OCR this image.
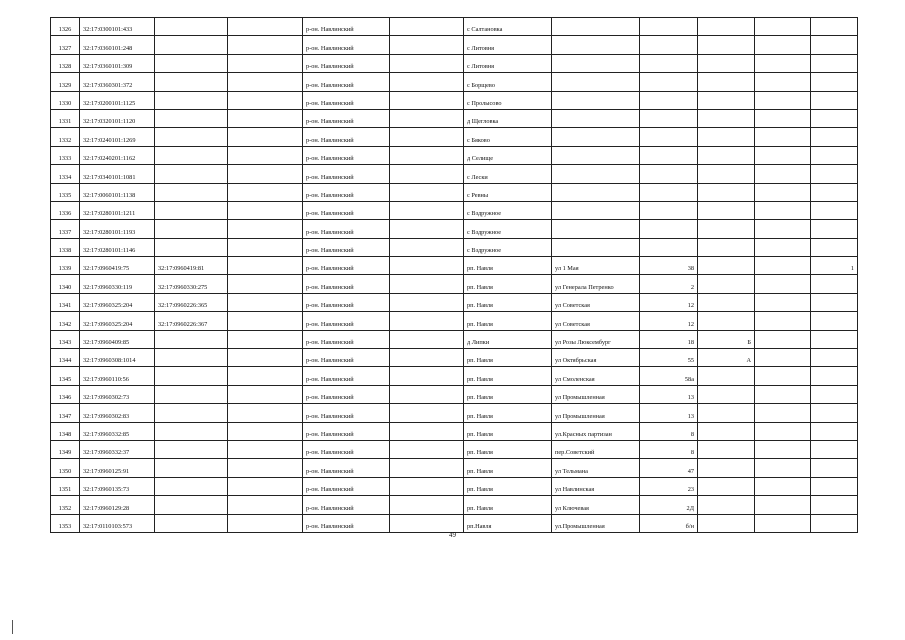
1326	32:17:0300101:433			р-он. Навлинский		с Салтановка					
1327	32:17:0360101:248			р-он. Навлинский		с Литовня					
1328	32:17:0360101:309			р-он. Навлинский		с Литовня					
1329	32:17:0360301:372			р-он. Навлинский		с Борщево					
1330	32:17:0200101:1125			р-он. Навлинский		с Пролысово					
1331	32:17:0320101:1120			р-он. Навлинский		д Щегловка					
1332	32:17:0240101:1269			р-он. Навлинский		с Бяково					
1333	32:17:0240201:1162			р-он. Навлинский		д Селище					
1334	32:17:0340101:1081			р-он. Навлинский		с Лески					
1335	32:17:0060101:1138			р-он. Навлинский		с Ревны					
1336	32:17:0280101:1211			р-он. Навлинский		с Вздружное					
1337	32:17:0280101:1193			р-он. Навлинский		с Вздружное					
1338	32:17:0280101:1146			р-он. Навлинский		с Вздружное					
1339	32:17:0960419:75	32:17:0960419:81		р-он. Навлинский		рп. Навля	ул 1 Мая	38			1
1340	32:17:0960330:119	32:17:0960330:275		р-он. Навлинский		рп. Навля	ул Генерала Петренко	2			
1341	32:17:0960325:204	32:17:0960226:365		р-он. Навлинский		рп. Навля	ул Советская	12			
1342	32:17:0960325:204	32:17:0960226:367		р-он. Навлинский		рп. Навля	ул Советская	12			
1343	32:17:0960409:85			р-он. Навлинский		д Липки	ул Розы Люксембург	18	Б		
1344	32:17:0960308:1014			р-он. Навлинский		рп. Навля	ул Октябрьская	55	А		
1345	32:17:0960110:56			р-он. Навлинский		рп. Навля	ул Смоленская	58а			
1346	32:17:0960302:73			р-он. Навлинский		рп. Навля	ул Промышленная	13			
1347	32:17:0960302:83			р-он. Навлинский		рп. Навля	ул Промышленная	13			
1348	32:17:0960332:85			р-он. Навлинский		рп. Навля	ул.Красных партизан	8			
1349	32:17:0960332:37			р-он. Навлинский		рп. Навля	пер.Советский	8			
1350	32:17:0960125:91			р-он. Навлинский		рп. Навля	ул Тельмана	47			
1351	32:17:0960135:73			р-он. Навлинский		рп. Навля	ул Навлинская	23			
1352	32:17:0960129:28			р-он. Навлинский		рп. Навля	ул Ключевая	2Д			
1353	32:17:0110103:573			р-он. Навлинский		рп.Навля	ул.Промышленная	б/н			
49
